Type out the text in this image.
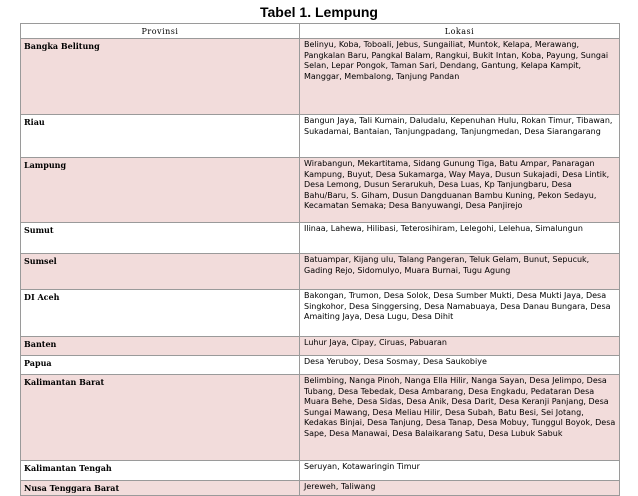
Tabel 1. Lempung
Provinsi	Lokasi
Bangka Belitung	Belinyu, Koba, Toboali, Jebus, Sungailiat, Muntok, Kelapa, Merawang, Pangkalan Baru, Pangkal Balam, Rangkui, Bukit Intan, Koba, Payung, Sungai Selan, Lepar Pongok, Taman Sari, Dendang, Gantung, Kelapa Kampit, Manggar, Membalong, Tanjung Pandan
Riau	Bangun Jaya, Tali Kumain, Daludalu, Kepenuhan Hulu, Rokan Timur, Tibawan, Sukadamai, Bantaian, Tanjungpadang, Tanjungmedan, Desa Siarangarang
Lampung	Wirabangun, Mekartitama, Sidang Gunung Tiga, Batu Ampar, Panaragan Kampung, Buyut, Desa Sukamarga, Way Maya, Dusun Sukajadi, Desa Lintik, Desa Lemong, Dusun Serarukuh, Desa Luas, Kp Tanjungbaru, Desa Bahu/Baru, S. Giham, Dusun Dangduanan Bambu Kuning, Pekon Sedayu, Kecamatan Semaka; Desa Banyuwangi, Desa Panjirejo
Sumut	Ilinaa, Lahewa, Hilibasi, Teterosihiram, Lelegohi, Lelehua, Simalungun
Sumsel	Batuampar, Kijang ulu, Talang Pangeran, Teluk Gelam, Bunut, Sepucuk, Gading Rejo, Sidomulyo, Muara Burnai, Tugu Agung
DI Aceh	Bakongan, Trumon, Desa Solok, Desa Sumber Mukti, Desa Mukti Jaya, Desa Singkohor, Desa Singgersing, Desa Namabuaya, Desa Danau Bungara, Desa Amaiting Jaya, Desa Lugu, Desa Dihit
Banten	Luhur Jaya, Cipay, Ciruas, Pabuaran
Papua	Desa Yeruboy, Desa Sosmay, Desa Saukobiye
Kalimantan Barat	Belimbing, Nanga Pinoh, Nanga Ella Hilir, Nanga Sayan, Desa Jelimpo, Desa Tubang, Desa Tebedak, Desa Ambarang, Desa Engkadu, Pedataran Desa Muara Behe, Desa Sidas, Desa Anik, Desa Darit, Desa Keranji Panjang, Desa Sungai Mawang, Desa Meliau Hilir, Desa Subah, Batu Besi, Sei Jotang, Kedakas Binjai, Desa Tanjung, Desa Tanap, Desa Mobuy, Tunggul Boyok, Desa Sape, Desa Manawai, Desa Balaikarang Satu, Desa Lubuk Sabuk
Kalimantan Tengah	Seruyan, Kotawaringin Timur
Nusa Tenggara Barat	Jereweh, Taliwang
